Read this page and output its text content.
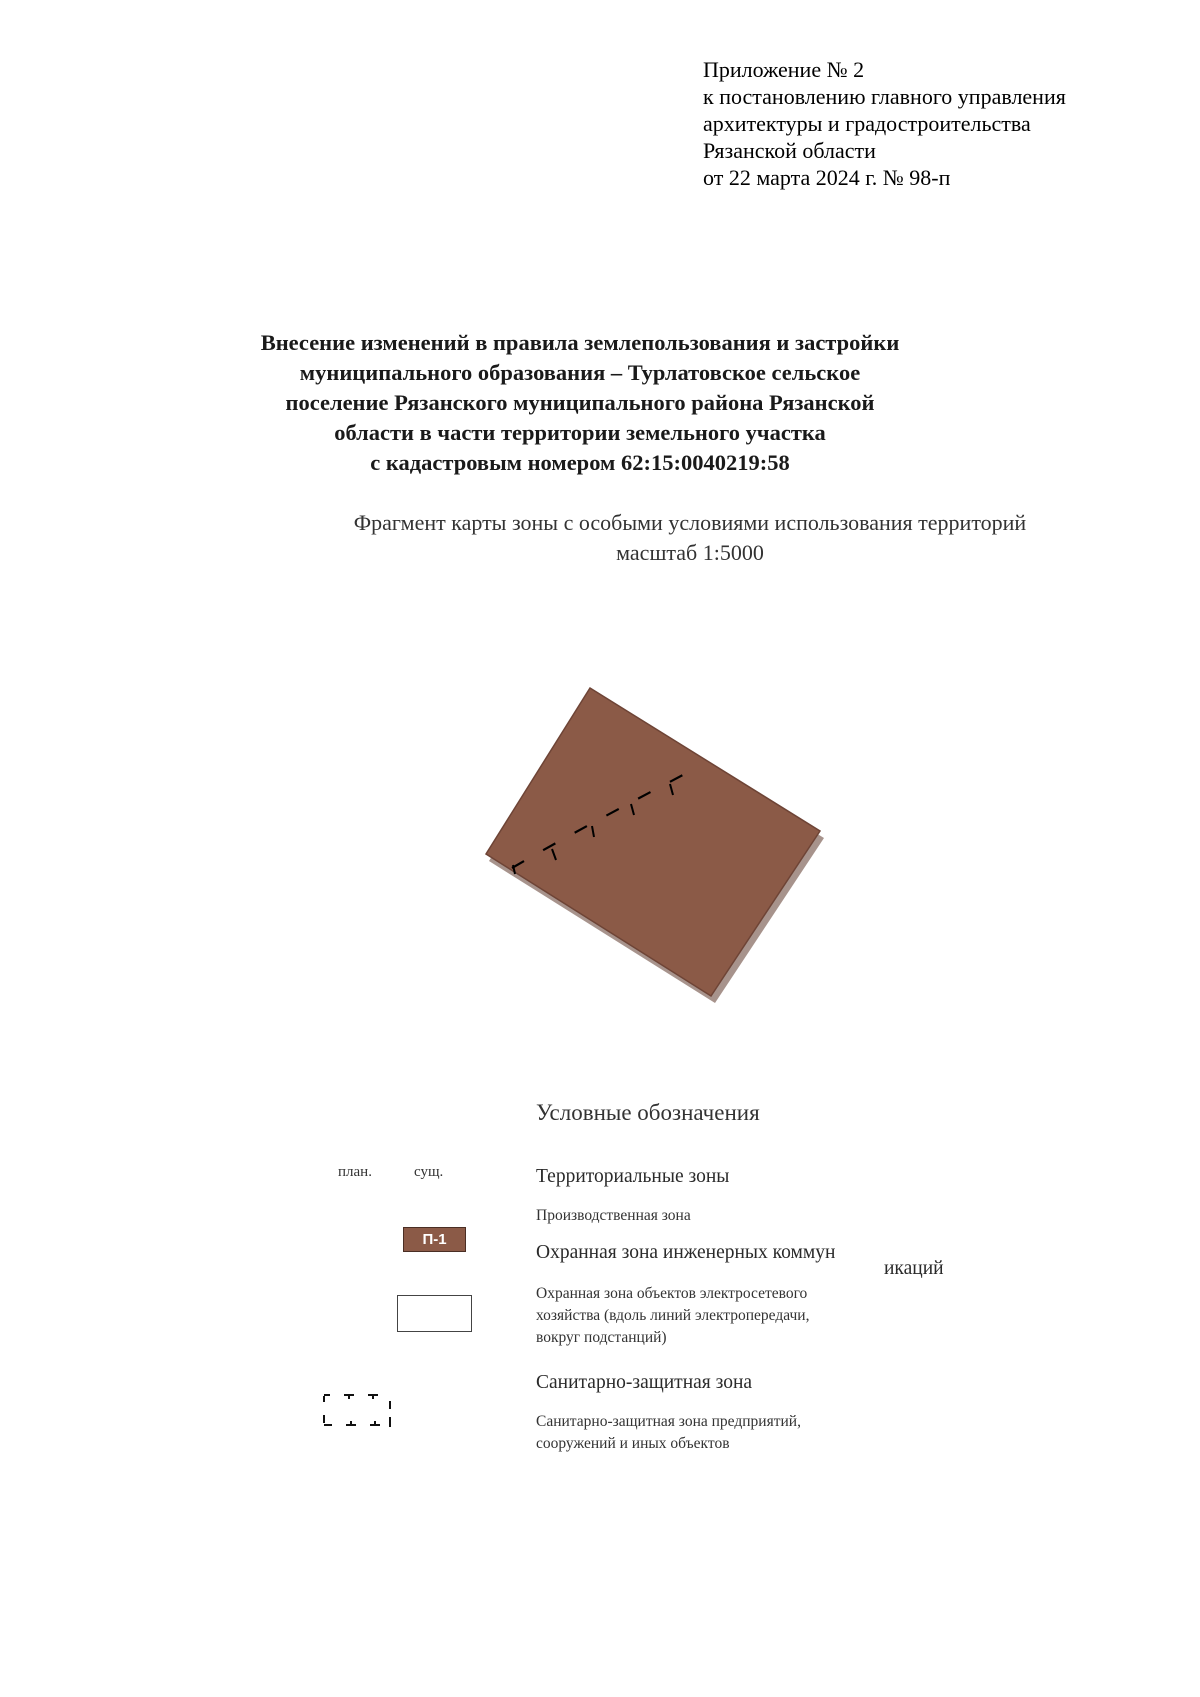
Приложение № 2
к постановлению главного управления
архитектуры и градостроительства
Рязанской области
от 22 марта 2024 г. № 98-п
Внесение изменений в правила землепользования и застройки
муниципального образования – Турлатовское сельское
поселение Рязанского муниципального района Рязанской
области в части территории земельного участка
с кадастровым номером 62:15:0040219:58
Фрагмент карты зоны с особыми условиями использования территорий
масштаб 1:5000
Условные обозначения
план.	сущ.	Территориальные зоны
Производственная зона
П-1
Охранная зона инженерных коммун
икаций
Охранная зона объектов электросетевого
хозяйства (вдоль линий электропередачи,
вокруг подстанций)
Санитарно-защитная зона
Санитарно-защитная зона предприятий,
сооружений и иных объектов
